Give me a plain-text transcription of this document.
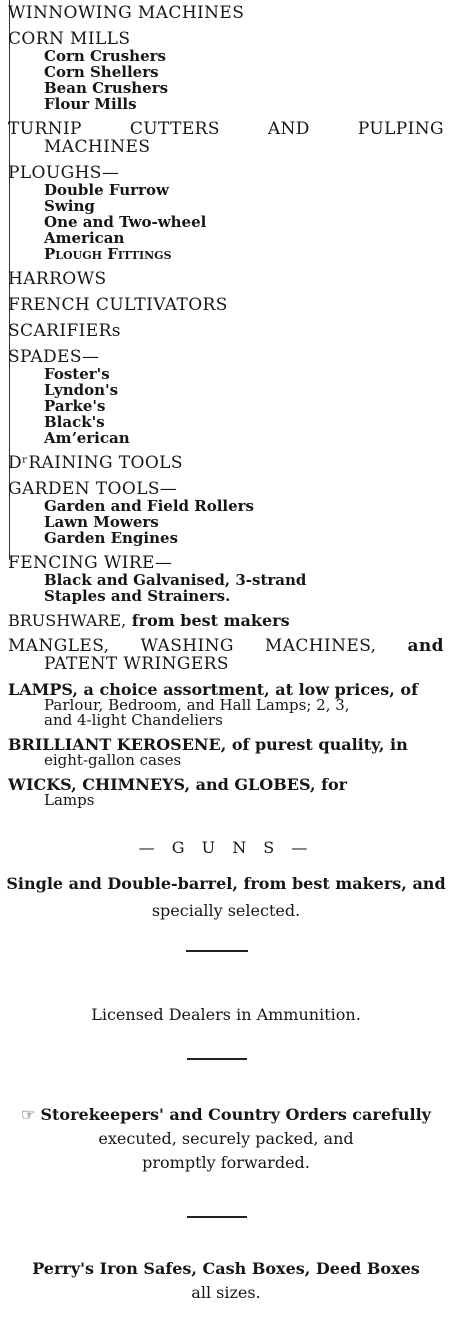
WINNOWING MACHINES
CORN MILLS
Corn Crushers
Corn Shellers
Bean Crushers
Flour Mills
TURNIP	CUTTERS	AND	PULPING
MACHINES
PLOUGHS—
Double Furrow
Swing
One and Two-wheel
American
Plough Fittings
HARROWS
FRENCH CULTIVATORS
SCARIFIERs
SPADES—
Foster's
Lyndon's
Parke's
Black's
Amʼerican
DʳRAINING TOOLS
GARDEN TOOLS—
Garden and Field Rollers
Lawn Mowers
Garden Engines
FENCING WIRE—
Black and Galvanised, 3-strand
Staples and Strainers.
BRUSHWARE, from best makers
MANGLES, WASHING MACHINES, and
PATENT WRINGERS
LAMPS, a choice assortment, at low prices, of
Parlour, Bedroom, and Hall Lamps; 2, 3,
and 4-light Chandeliers
BRILLIANT KEROSENE, of purest quality, in
eight-gallon cases
WICKS, CHIMNEYS, and GLOBES, for
Lamps
— G U N S —
Single and Double-barrel, from best makers, and
specially selected.
Licensed Dealers in Ammunition.
☞ Storekeepers' and Country Orders carefully
executed, securely packed, and
promptly forwarded.
Perry's Iron Safes, Cash Boxes, Deed Boxes
all sizes.
